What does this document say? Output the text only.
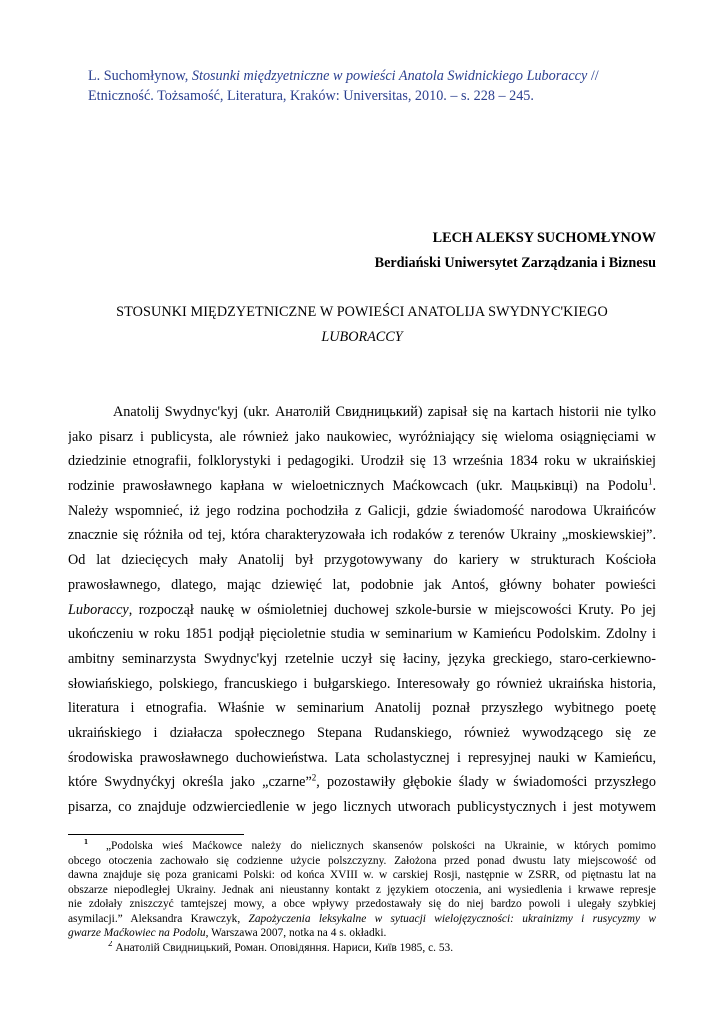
L. Suchomłynow, Stosunki międzyetniczne w powieści Anatola Swidnickiego Luboraccy //
Etniczność. Tożsamość, Literatura, Kraków: Universitas, 2010. – s. 228 – 245.
LECH ALEKSY SUCHOMŁYNOW
Berdiański Uniwersytet Zarządzania i Biznesu
STOSUNKI MIĘDZYETNICZNE W POWIEŚCI ANATOLIJA SWYDNYC'KIEGO
LUBORACCY
Anatolij Swydnyc'kyj (ukr. Анатолій Свидницький) zapisał się na kartach historii nie tylko
jako pisarz i publicysta, ale również jako naukowiec, wyróżniający się wieloma osiągnięciami w
dziedzinie etnografii, folklorystyki i pedagogiki. Urodził się 13 września 1834 roku w ukraińskiej
rodzinie prawosławnego kapłana w wieloetnicznych Maćkowcach (ukr. Мацьківці) na Podolu$^1$.
Należy wspomnieć, iż jego rodzina pochodziła z Galicji, gdzie świadomość narodowa Ukraińców
znacznie się różniła od tej, która charakteryzowała ich rodaków z terenów Ukrainy „moskiewskiej”.
Od lat dziecięcych mały Anatolij był przygotowywany do kariery w strukturach Kościoła
prawosławnego, dlatego, mając dziewięć lat, podobnie jak Antoś, główny bohater powieści
Luboraccy, rozpoczął naukę w ośmioletniej duchowej szkole-bursie w miejscowości Kruty. Po jej
ukończeniu w roku 1851 podjął pięcioletnie studia w seminarium w Kamieńcu Podolskim. Zdolny i
ambitny seminarzysta Swydnyc'kyj rzetelnie uczył się łaciny, języka greckiego, staro-cerkiewno-
słowiańskiego, polskiego, francuskiego i bułgarskiego. Interesowały go również ukraińska historia,
literatura i etnografia. Właśnie w seminarium Anatolij poznał przyszłego wybitnego poetę
ukraińskiego i działacza społecznego Stepana Rudanskiego, również wywodzącego się ze
środowiska prawosławnego duchowieństwa. Lata scholastycznej i represyjnej nauki w Kamieńcu,
które Swydnyćkyj określa jako „czarne”$^2$, pozostawiły głębokie ślady w świadomości przyszłego
pisarza, co znajduje odzwierciedlenie w jego licznych utworach publicystycznych i jest motywem
$^1$ „Podolska wieś Maćkowce należy do nielicznych skansenów polskości na Ukrainie, w których pomimo
obcego otoczenia zachowało się codzienne użycie polszczyzny. Założona przed ponad dwustu laty miejscowość od
dawna znajduje się poza granicami Polski: od końca XVIII w. w carskiej Rosji, następnie w ZSRR, od piętnastu lat na
obszarze niepodległej Ukrainy. Jednak ani nieustanny kontakt z językiem otoczenia, ani wysiedlenia i krwawe represje
nie zdołały zniszczyć tamtejszej mowy, a obce wpływy przedostawały się do niej bardzo powoli i ulegały szybkiej
asymilacji.” Aleksandra Krawczyk, Zapożyczenia leksykalne w sytuacji wielojęzyczności: ukrainizmy i rusycyzmy w
gwarze Maćkowiec na Podolu, Warszawa 2007, notka na 4 s. okładki.
$^2$ Анатолій Свидницький, Роман. Оповідяння. Нариси, Київ 1985, с. 53.
